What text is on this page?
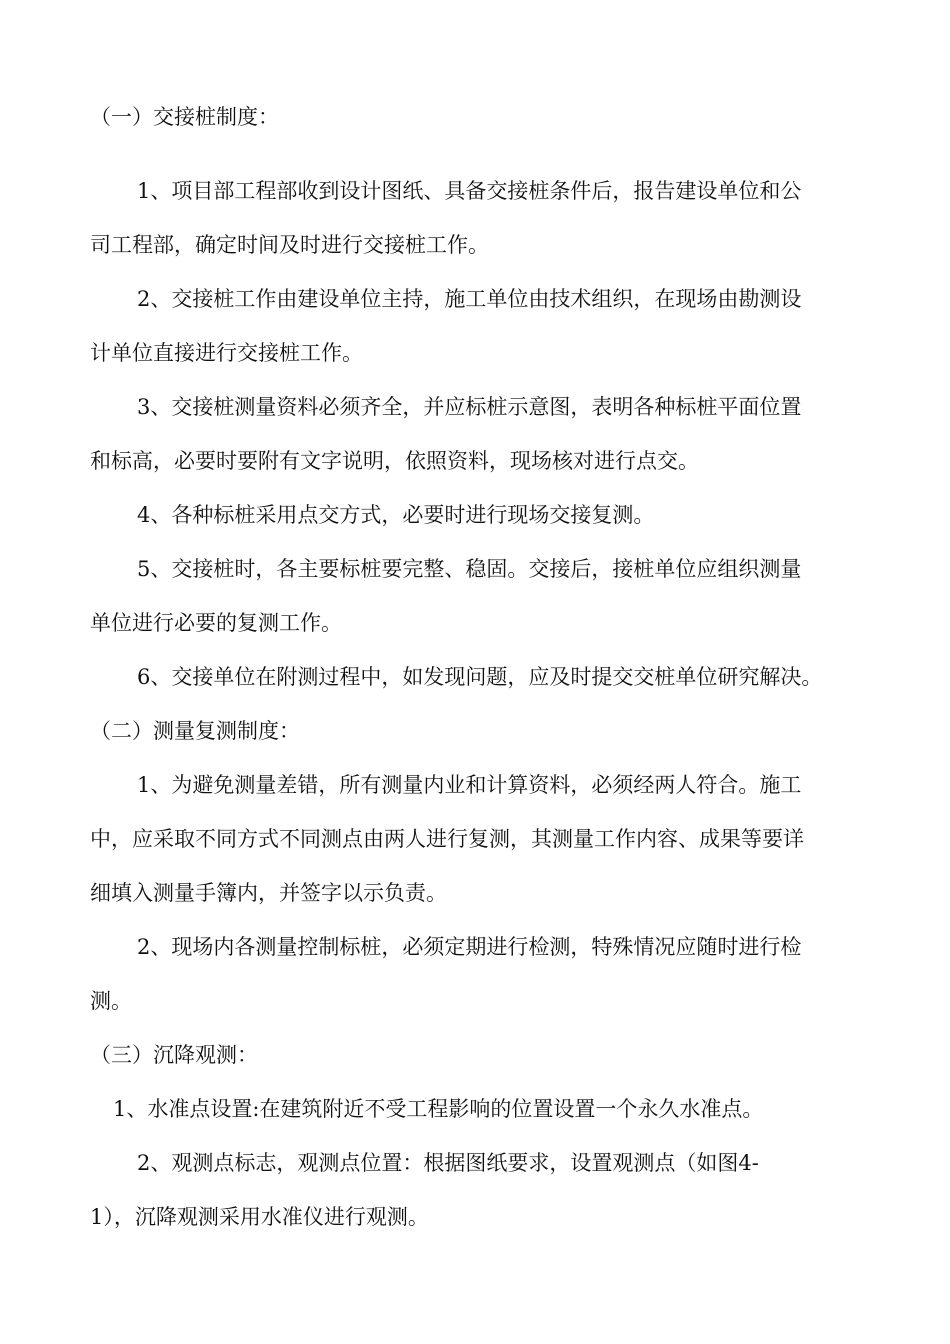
（一）交接桩制度：
1、项目部工程部收到设计图纸、具备交接桩条件后，报告建设单位和公
司工程部，确定时间及时进行交接桩工作。
2、交接桩工作由建设单位主持，施工单位由技术组织，在现场由勘测设
计单位直接进行交接桩工作。
3、交接桩测量资料必须齐全，并应标桩示意图，表明各种标桩平面位置
和标高，必要时要附有文字说明，依照资料，现场核对进行点交。
4、各种标桩采用点交方式，必要时进行现场交接复测。
5、交接桩时，各主要标桩要完整、稳固。交接后，接桩单位应组织测量
单位进行必要的复测工作。
6、交接单位在附测过程中，如发现问题，应及时提交交桩单位研究解决。
（二）测量复测制度：
1、为避免测量差错，所有测量内业和计算资料，必须经两人符合。施工
中，应采取不同方式不同测点由两人进行复测，其测量工作内容、成果等要详
细填入测量手簿内，并签字以示负责。
2、现场内各测量控制标桩，必须定期进行检测，特殊情况应随时进行检
测。
（三）沉降观测：
1、水准点设置:在建筑附近不受工程影响的位置设置一个永久水准点。
2、观测点标志，观测点位置：根据图纸要求，设置观测点（如图4-
1），沉降观测采用水准仪进行观测。
